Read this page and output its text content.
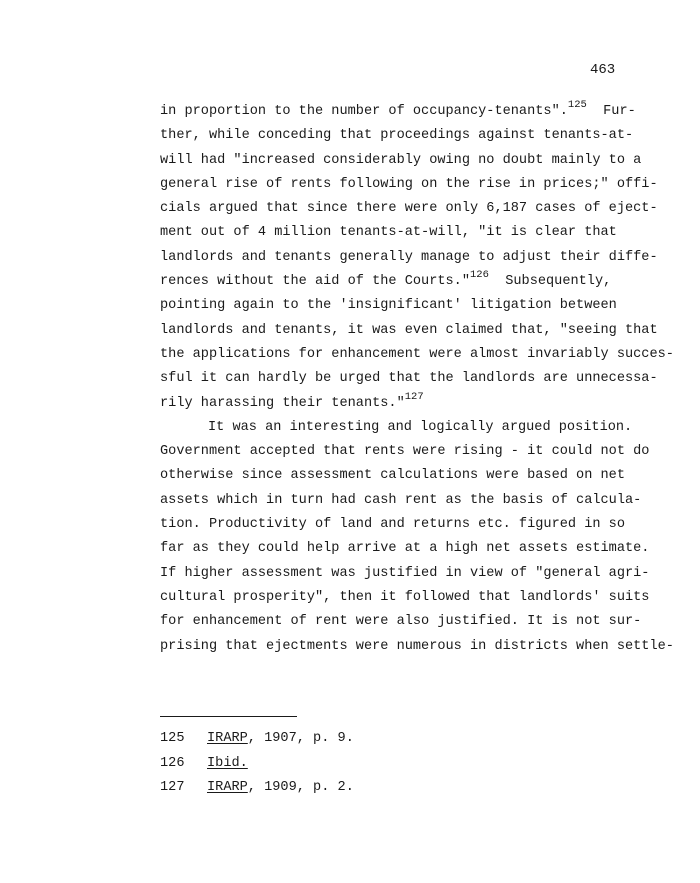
463
in proportion to the number of occupancy-tenants".$^{125}$ Fur-
ther, while conceding that proceedings against tenants-at-
will had "increased considerably owing no doubt mainly to a
general rise of rents following on the rise in prices;" offi-
cials argued that since there were only 6,187 cases of eject-
ment out of 4 million tenants-at-will, "it is clear that
landlords and tenants generally manage to adjust their diffe-
rences without the aid of the Courts."$^{126}$ Subsequently,
pointing again to the 'insignificant' litigation between
landlords and tenants, it was even claimed that, "seeing that
the applications for enhancement were almost invariably succes-
sful it can hardly be urged that the landlords are unnecessa-
rily harassing their tenants."$^{127}$
It was an interesting and logically argued position.
Government accepted that rents were rising - it could not do
otherwise since assessment calculations were based on net
assets which in turn had cash rent as the basis of calcula-
tion. Productivity of land and returns etc. figured in so
far as they could help arrive at a high net assets estimate.
If higher assessment was justified in view of "general agri-
cultural prosperity", then it followed that landlords' suits
for enhancement of rent were also justified. It is not sur-
prising that ejectments were numerous in districts when settle-
125 IRARP, 1907, p. 9.
126 Ibid.
127 IRARP, 1909, p. 2.
